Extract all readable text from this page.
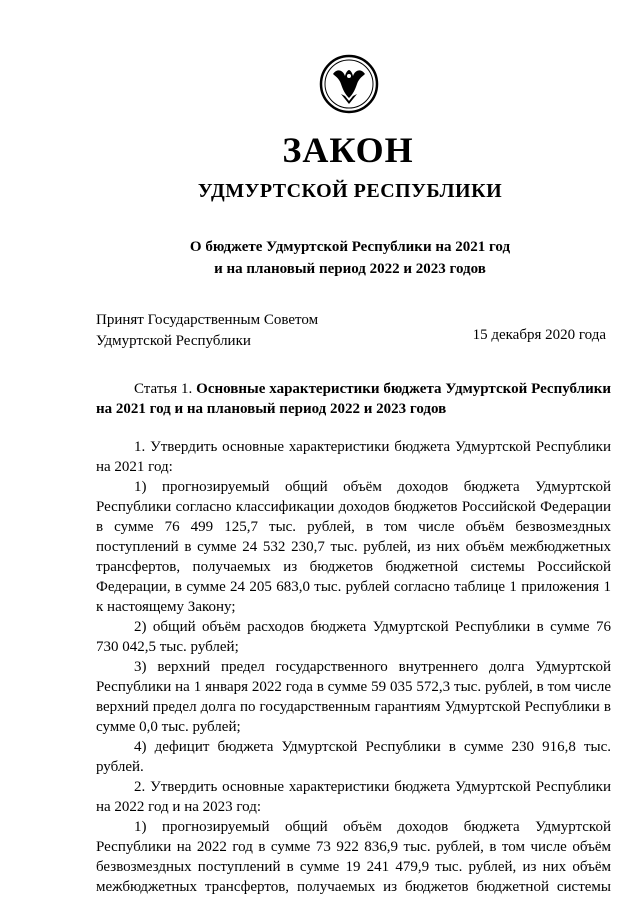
ЗАКОН
УДМУРТСКОЙ РЕСПУБЛИКИ
О бюджете Удмуртской Республики на 2021 год
и на плановый период 2022 и 2023 годов
Принят Государственным Советом
Удмуртской Республики	15 декабря 2020 года

Статья 1. Основные характеристики бюджета Удмуртской Республики на 2021 год и на плановый период 2022 и 2023 годов

1. Утвердить основные характеристики бюджета Удмуртской Республики на 2021 год:

1) прогнозируемый общий объём доходов бюджета Удмуртской Республики согласно классификации доходов бюджетов Российской Федерации в сумме 76 499 125,7 тыс. рублей, в том числе объём безвозмездных поступлений в сумме 24 532 230,7 тыс. рублей, из них объём межбюджетных трансфертов, получаемых из бюджетов бюджетной системы Российской Федерации, в сумме 24 205 683,0 тыс. рублей согласно таблице 1 приложения 1 к настоящему Закону;

2) общий объём расходов бюджета Удмуртской Республики в сумме 76 730 042,5 тыс. рублей;

3) верхний предел государственного внутреннего долга Удмуртской Республики на 1 января 2022 года в сумме 59 035 572,3 тыс. рублей, в том числе верхний предел долга по государственным гарантиям Удмуртской Республики в сумме 0,0 тыс. рублей;

4) дефицит бюджета Удмуртской Республики в сумме 230 916,8 тыс. рублей.

2. Утвердить основные характеристики бюджета Удмуртской Республики на 2022 год и на 2023 год:

1) прогнозируемый общий объём доходов бюджета Удмуртской Республики на 2022 год в сумме 73 922 836,9 тыс. рублей, в том числе объём безвозмездных поступлений в сумме 19 241 479,9 тыс. рублей, из них объём межбюджетных трансфертов, получаемых из бюджетов бюджетной системы
